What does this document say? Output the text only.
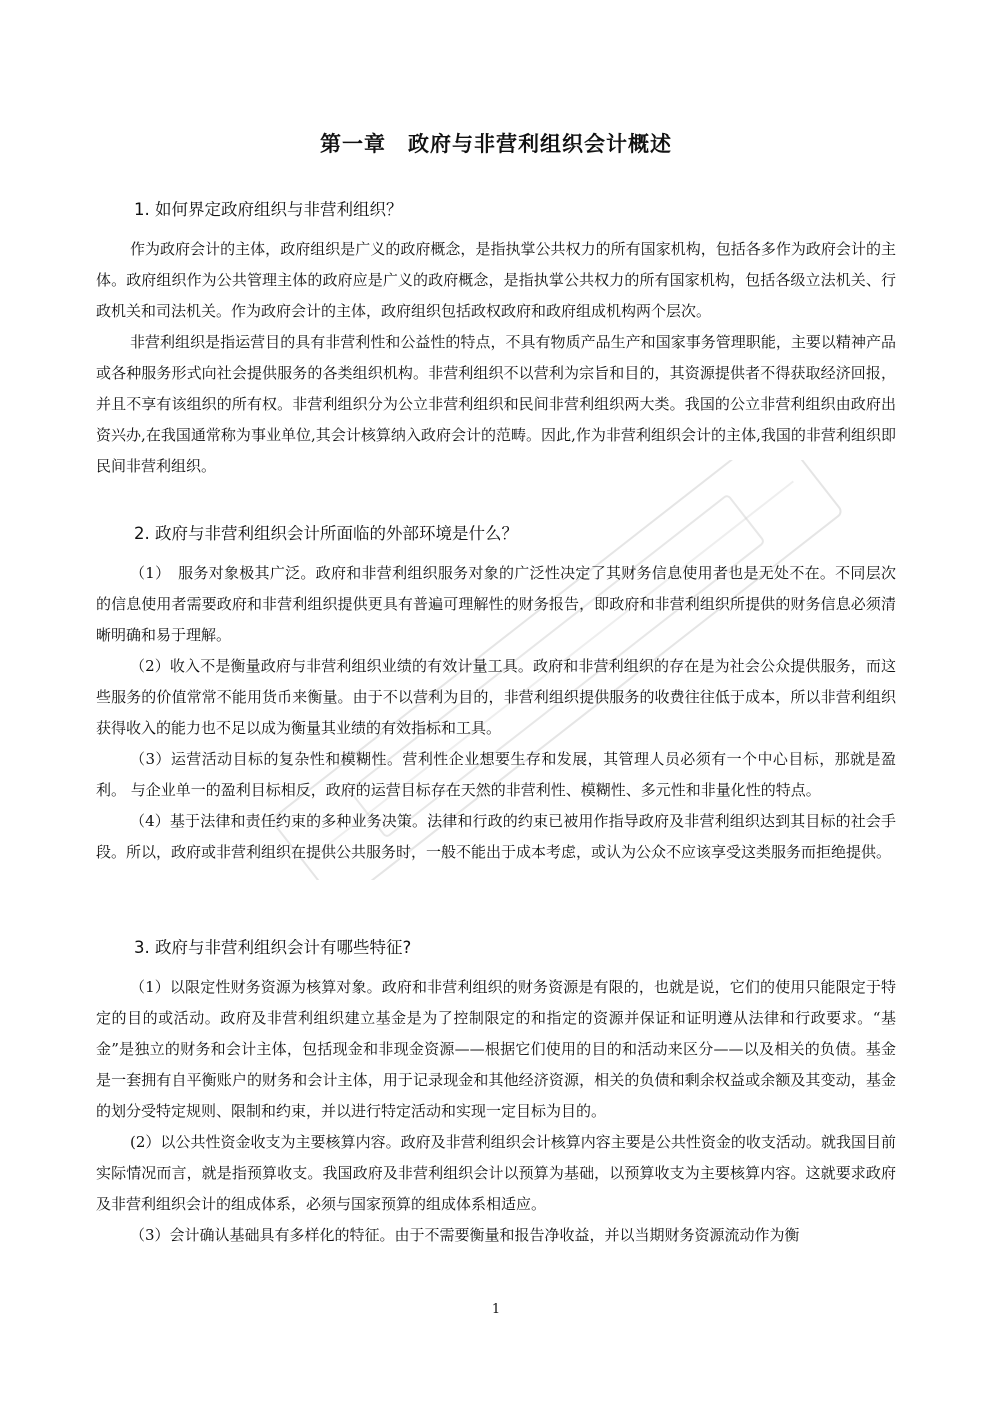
第一章　政府与非营利组织会计概述
1. 如何界定政府组织与非营利组织？

作为政府会计的主体，政府组织是广义的政府概念，是指执掌公共权力的所有国家机构，包括各多作为政府会计的主体。政府组织作为公共管理主体的政府应是广义的政府概念，是指执掌公共权力的所有国家机构，包括各级立法机关、行政机关和司法机关。作为政府会计的主体，政府组织包括政权政府和政府组成机构两个层次。

非营利组织是指运营目的具有非营利性和公益性的特点，不具有物质产品生产和国家事务管理职能，主要以精神产品或各种服务形式向社会提供服务的各类组织机构。非营利组织不以营利为宗旨和目的，其资源提供者不得获取经济回报，并且不享有该组织的所有权。非营利组织分为公立非营利组织和民间非营利组织两大类。我国的公立非营利组织由政府出资兴办,在我国通常称为事业单位,其会计核算纳入政府会计的范畴。因此,作为非营利组织会计的主体,我国的非营利组织即民间非营利组织。

2. 政府与非营利组织会计所面临的外部环境是什么？

（1）　服务对象极其广泛。政府和非营利组织服务对象的广泛性决定了其财务信息使用者也是无处不在。不同层次的信息使用者需要政府和非营利组织提供更具有普遍可理解性的财务报告，即政府和非营利组织所提供的财务信息必须清晰明确和易于理解。

（2）收入不是衡量政府与非营利组织业绩的有效计量工具。政府和非营利组织的存在是为社会公众提供服务，而这些服务的价值常常不能用货币来衡量。由于不以营利为目的，非营利组织提供服务的收费往往低于成本，所以非营利组织获得收入的能力也不足以成为衡量其业绩的有效指标和工具。

（3）运营活动目标的复杂性和模糊性。营利性企业想要生存和发展，其管理人员必须有一个中心目标，那就是盈利。 与企业单一的盈利目标相反，政府的运营目标存在天然的非营利性、模糊性、多元性和非量化性的特点。

（4）基于法律和责任约束的多种业务决策。法律和行政的约束已被用作指导政府及非营利组织达到其目标的社会手段。所以，政府或非营利组织在提供公共服务时，一般不能出于成本考虑，或认为公众不应该享受这类服务而拒绝提供。

3. 政府与非营利组织会计有哪些特征?

（1）以限定性财务资源为核算对象。政府和非营利组织的财务资源是有限的，也就是说，它们的使用只能限定于特定的目的或活动。政府及非营利组织建立基金是为了控制限定的和指定的资源并保证和证明遵从法律和行政要求。“基金”是独立的财务和会计主体，包括现金和非现金资源——根据它们使用的目的和活动来区分——以及相关的负债。基金是一套拥有自平衡账户的财务和会计主体，用于记录现金和其他经济资源，相关的负债和剩余权益或余额及其变动，基金的划分受特定规则、限制和约束，并以进行特定活动和实现一定目标为目的。

(2）以公共性资金收支为主要核算内容。政府及非营利组织会计核算内容主要是公共性资金的收支活动。就我国目前实际情况而言，就是指预算收支。我国政府及非营利组织会计以预算为基础，以预算收支为主要核算内容。这就要求政府及非营利组织会计的组成体系，必须与国家预算的组成体系相适应。

（3）会计确认基础具有多样化的特征。由于不需要衡量和报告净收益，并以当期财务资源流动作为衡

1
